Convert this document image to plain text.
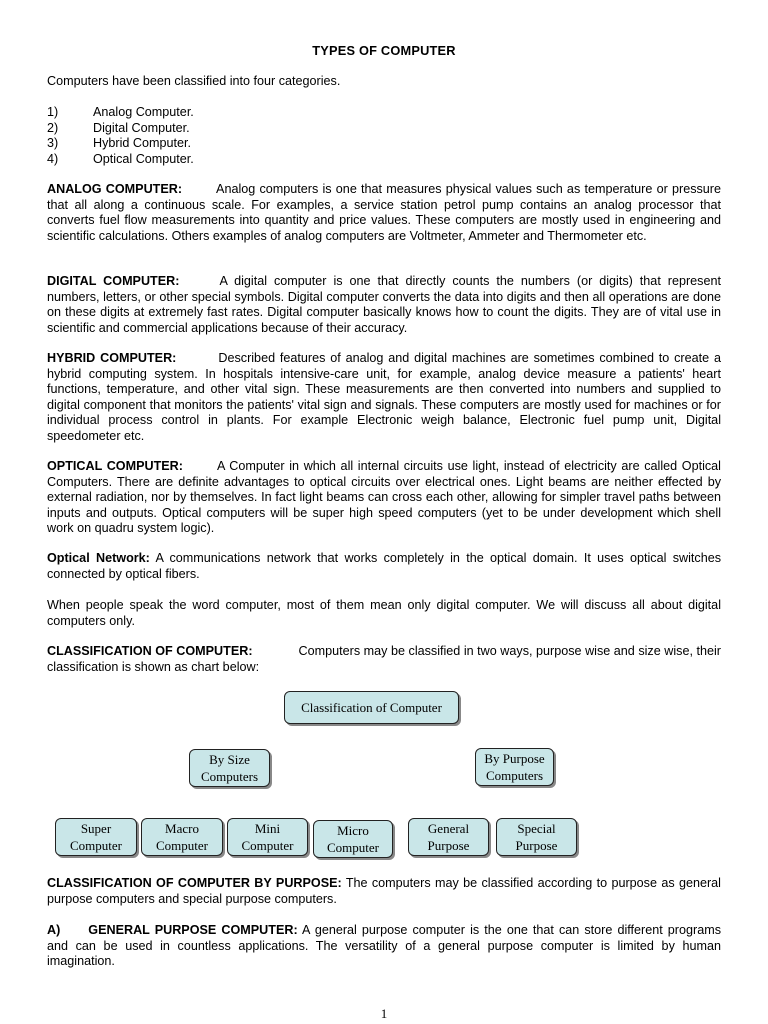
TYPES OF COMPUTER
Computers have been classified into four categories.
1)	Analog Computer.
2)	Digital Computer.
3)	Hybrid Computer.
4)	Optical Computer.
ANALOG COMPUTER:	Analog computers is one that measures physical values such as temperature or pressure that all along a continuous scale. For examples, a service station petrol pump contains an analog processor that converts fuel flow measurements into quantity and price values. These computers are mostly used in engineering and scientific calculations. Others examples of analog computers are Voltmeter, Ammeter and Thermometer etc.
DIGITAL COMPUTER:	A digital computer is one that directly counts the numbers (or digits) that represent numbers, letters, or other special symbols. Digital computer converts the data into digits and then all operations are done on these digits at extremely fast rates. Digital computer basically knows how to count the digits. They are of vital use in scientific and commercial applications because of their accuracy.
HYBRID COMPUTER:	Described features of analog and digital machines are sometimes combined to create a hybrid computing system. In hospitals intensive-care unit, for example, analog device measure a patients' heart functions, temperature, and other vital sign. These measurements are then converted into numbers and supplied to digital component that monitors the patients' vital sign and signals. These computers are mostly used for machines or for individual process control in plants. For example Electronic weigh balance, Electronic fuel pump unit, Digital speedometer etc.
OPTICAL COMPUTER:	A Computer in which all internal circuits use light, instead of electricity are called Optical Computers. There are definite advantages to optical circuits over electrical ones. Light beams are neither effected by external radiation, nor by themselves. In fact light beams can cross each other, allowing for simpler travel paths between inputs and outputs. Optical computers will be super high speed computers (yet to be under development which shell work on quadru system logic).
Optical Network: A communications network that works completely in the optical domain. It uses optical switches connected by optical fibers.
When people speak the word computer, most of them mean only digital computer. We will discuss all about digital computers only.
CLASSIFICATION OF COMPUTER:	Computers may be classified in two ways, purpose wise and size wise, their classification is shown as chart below:
CLASSIFICATION OF COMPUTER BY PURPOSE: The computers may be classified according to purpose as general purpose computers and special purpose computers.
A) GENERAL PURPOSE COMPUTER: A general purpose computer is the one that can store different programs and can be used in countless applications. The versatility of a general purpose computer is limited by human imagination.
Classification of Computer
By Size Computers
By Purpose Computers
Super Computer
Macro Computer
Mini Computer
Micro Computer
General Purpose
Special Purpose
1
